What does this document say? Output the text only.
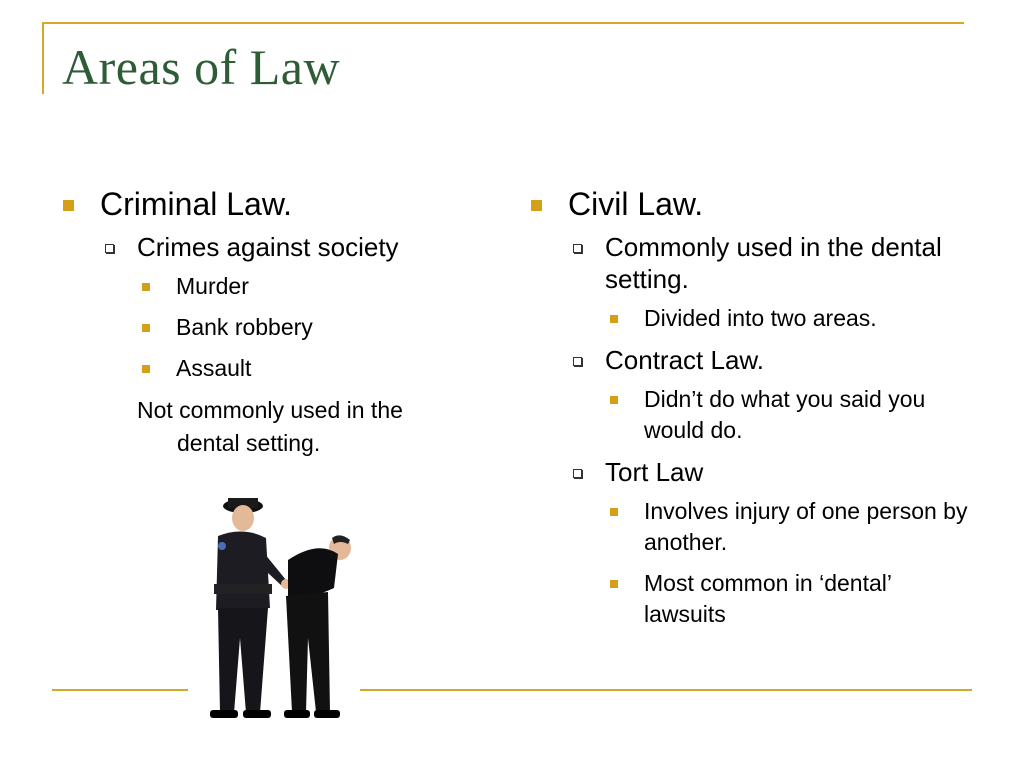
Areas of Law
Criminal Law.
Crimes against society
Murder
Bank robbery
Assault
Not commonly used in the
dental setting.
Civil Law.
Commonly used in the dental setting.
Divided into two areas.
Contract Law.
Didn’t do what you said you would do.
Tort Law
Involves injury of one person by another.
Most common in ‘dental’ lawsuits
